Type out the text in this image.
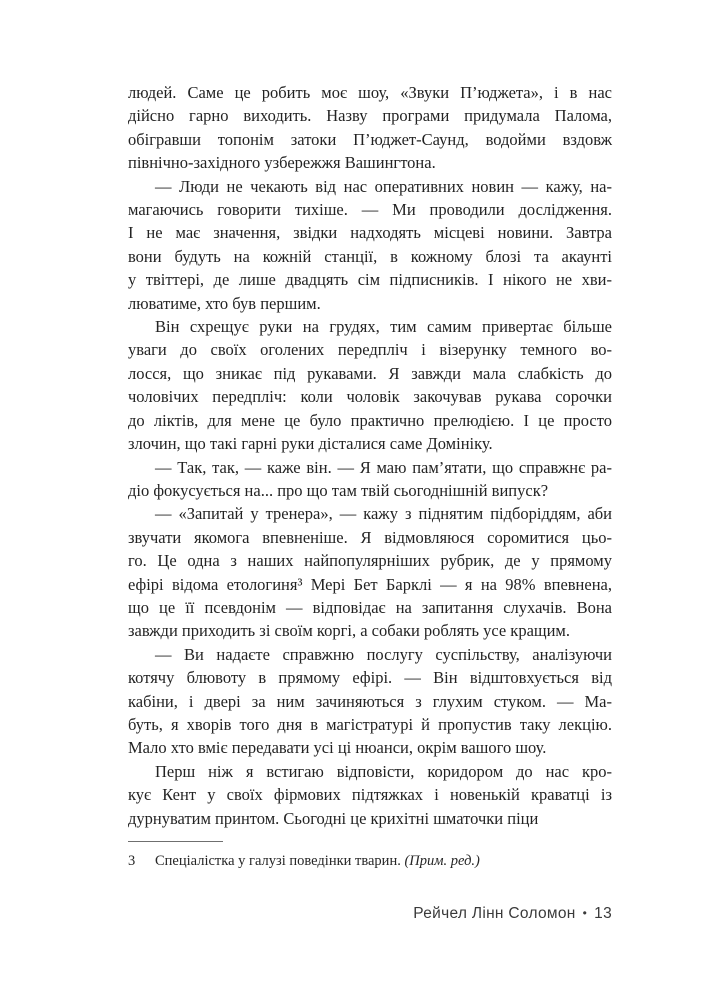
людей. Саме це робить моє шоу, «Звуки П’юджета», і в нас
дійсно гарно виходить. Назву програми придумала Палома,
обігравши топонім затоки П’юджет-Саунд, водойми вздовж
північно-західного узбережжя Вашингтона.
— Люди не чекають від нас оперативних новин — кажу, на-
магаючись говорити тихіше. — Ми проводили дослідження.
І не має значення, звідки надходять місцеві новини. Завтра
вони будуть на кожній станції, в кожному блозі та акаунті
у твіттері, де лише двадцять сім підписників. І нікого не хви-
люватиме, хто був першим.
Він схрещує руки на грудях, тим самим привертає більше
уваги до своїх оголених передпліч і візерунку темного во-
лосся, що зникає під рукавами. Я завжди мала слабкість до
чоловічих передпліч: коли чоловік закочував рукава сорочки
до ліктів, для мене це було практично прелюдією. І це просто
злочин, що такі гарні руки дісталися саме Домініку.
— Так, так, — каже він. — Я маю пам’ятати, що справжнє ра-
діо фокусується на... про що там твій сьогоднішній випуск?
— «Запитай у тренера», — кажу з піднятим підборіддям, аби
звучати якомога впевненіше. Я відмовляюся соромитися цьо-
го. Це одна з наших найпопулярніших рубрик, де у прямому
ефірі відома етологиня³ Мері Бет Барклі — я на 98% впевнена,
що це її псевдонім — відповідає на запитання слухачів. Вона
завжди приходить зі своїм коргі, а собаки роблять усе кращим.
— Ви надаєте справжню послугу суспільству, аналізуючи
котячу блювоту в прямому ефірі. — Він відштовхується від
кабіни, і двері за ним зачиняються з глухим стуком. — Ма-
буть, я хворів того дня в магістратурі й пропустив таку лекцію.
Мало хто вміє передавати усі ці нюанси, окрім вашого шоу.
Перш ніж я встигаю відповісти, коридором до нас кро-
кує Кент у своїх фірмових підтяжках і новенькій краватці із
дурнуватим принтом. Сьогодні це крихітні шматочки піци
3 Спеціалістка у галузі поведінки тварин. (Прим. ред.)
Рейчел Лінн Соломон • 13
